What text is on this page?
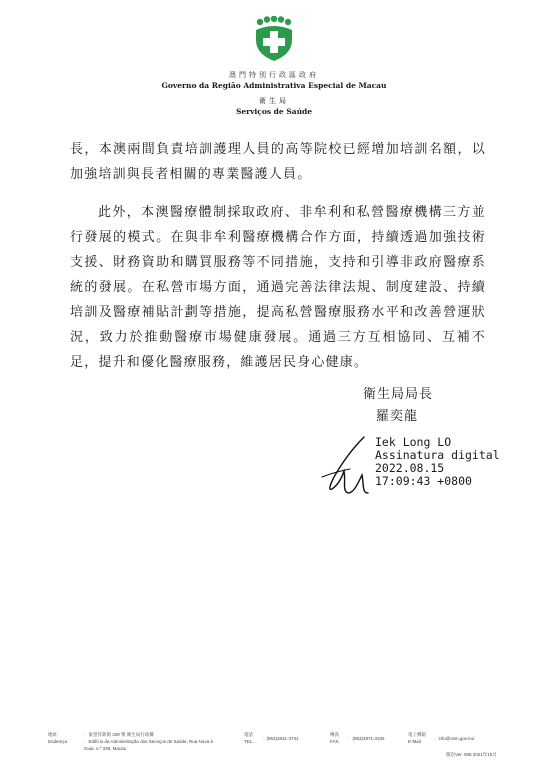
澳門特別行政區政府
Governo da Região Administrativa Especial de Macau
衛生局
Serviços de Saúde
長，本澳兩間負責培訓護理人員的高等院校已經增加培訓名額，以加強培訓與長者相關的專業醫護人員。
此外，本澳醫療體制採取政府、非牟利和私營醫療機構三方並行發展的模式。在與非牟利醫療機構合作方面，持續透過加強技術支援、財務資助和購買服務等不同措施，支持和引導非政府醫療系統的發展。在私營市場方面，通過完善法律法規、制度建設、持續培訓及醫療補貼計劃等措施，提高私營醫療服務水平和改善營運狀況，致力於推動醫療市場健康發展。通過三方互相協同、互補不足，提升和優化醫療服務，維護居民身心健康。
衛生局局長
羅奕龍
Iek Long LO
Assinatura digital
2022.08.15
17:09:43 +0800
地址:
Endereço
：東望洋新街 339 號 衛生局行政樓
：Edifício da Administração dos Serviços de Saúde, Rua Nova à
Guia, n.º 339, Macau
電話
TEL.
：(853)2831-3731
傳真
FAX.
：(853)2871-3105
電子郵箱
E-Mail
：info@ssm.gov.mo
版次Ver. 005 2021年10月
